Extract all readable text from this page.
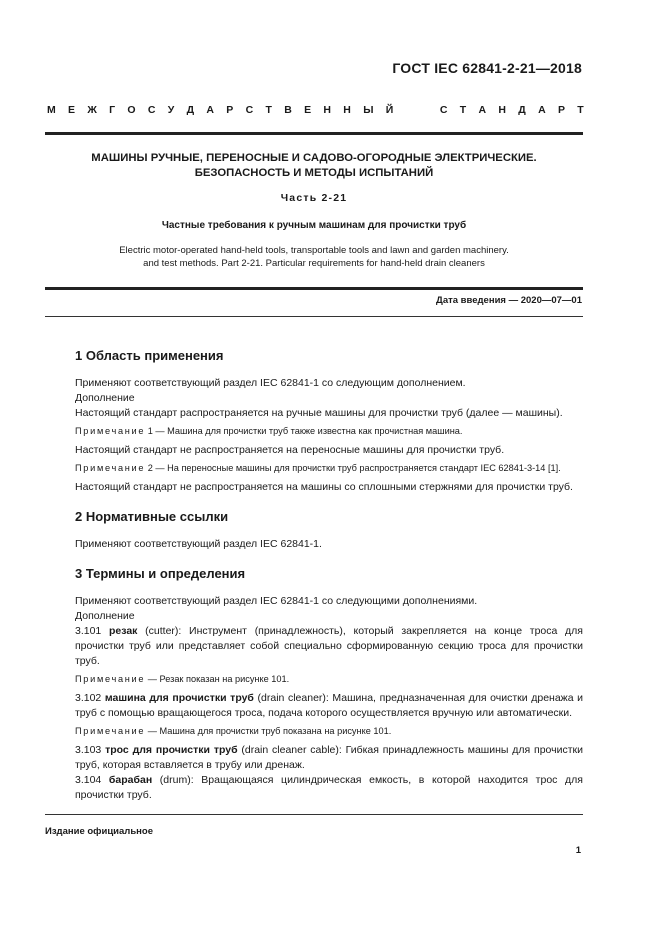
ГОСТ IEC 62841-2-21—2018
М Е Ж Г О С У Д А Р С Т В Е Н Н Ы Й	С Т А Н Д А Р Т
МАШИНЫ РУЧНЫЕ, ПЕРЕНОСНЫЕ И САДОВО-ОГОРОДНЫЕ ЭЛЕКТРИЧЕСКИЕ.
БЕЗОПАСНОСТЬ И МЕТОДЫ ИСПЫТАНИЙ
Часть 2-21
Частные требования к ручным машинам для прочистки труб
Electric motor-operated hand-held tools, transportable tools and lawn and garden machinery.
and test methods. Part 2-21. Particular requirements for hand-held drain cleaners
Дата введения — 2020—07—01
1 Область применения

Применяют соответствующий раздел IEC 62841-1 со следующим дополнением.

Дополнение

Настоящий стандарт распространяется на ручные машины для прочистки труб (далее — машины).

Примечание 1 — Машина для прочистки труб также известна как прочистная машина.

Настоящий стандарт не распространяется на переносные машины для прочистки труб.

Примечание 2 — На переносные машины для прочистки труб распространяется стандарт IEC 62841-3-14 [1].

Настоящий стандарт не распространяется на машины со сплошными стержнями для прочистки труб.

2 Нормативные ссылки

Применяют соответствующий раздел IEC 62841-1.

3 Термины и определения

Применяют соответствующий раздел IEC 62841-1 со следующими дополнениями.

Дополнение

3.101 резак (cutter): Инструмент (принадлежность), который закрепляется на конце троса для прочистки труб или представляет собой специально сформированную секцию троса для прочистки труб.

Примечание — Резак показан на рисунке 101.

3.102 машина для прочистки труб (drain cleaner): Машина, предназначенная для очистки дренажа и труб с помощью вращающегося троса, подача которого осуществляется вручную или автоматически.

Примечание — Машина для прочистки труб показана на рисунке 101.

3.103 трос для прочистки труб (drain cleaner cable): Гибкая принадлежность машины для прочистки труб, которая вставляется в трубу или дренаж.

3.104 барабан (drum): Вращающаяся цилиндрическая емкость, в которой находится трос для прочистки труб.

Издание официальное
1
